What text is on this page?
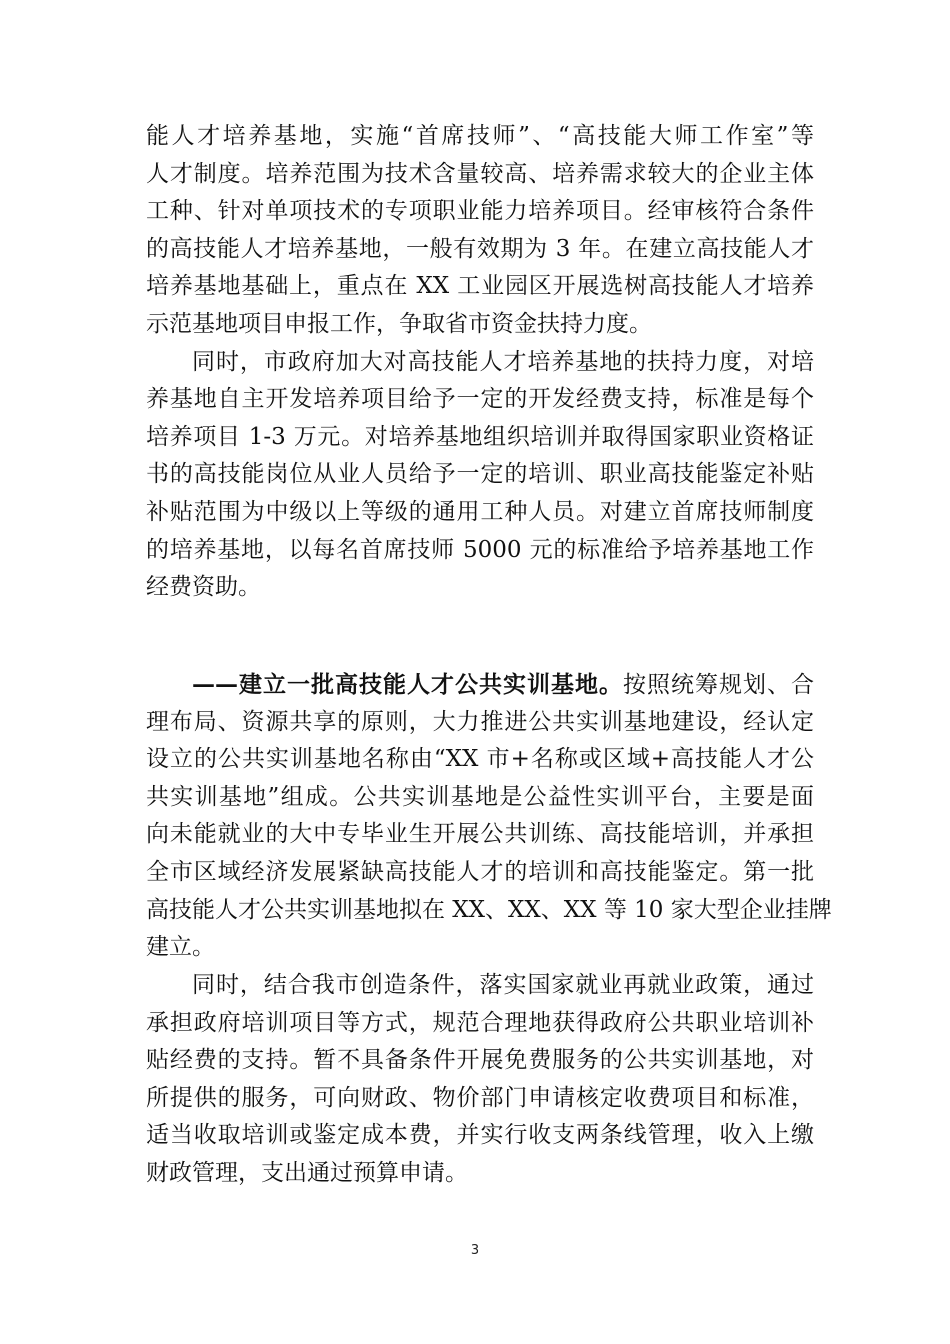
能人才培养基地，实施“首席技师”、“高技能大师工作室”等
人才制度。培养范围为技术含量较高、培养需求较大的企业主体
工种、针对单项技术的专项职业能力培养项目。经审核符合条件
的高技能人才培养基地，一般有效期为 3 年。在建立高技能人才
培养基地基础上，重点在 XX 工业园区开展选树高技能人才培养
示范基地项目申报工作，争取省市资金扶持力度。
同时，市政府加大对高技能人才培养基地的扶持力度，对培
养基地自主开发培养项目给予一定的开发经费支持，标准是每个
培养项目 1-3 万元。对培养基地组织培训并取得国家职业资格证
书的高技能岗位从业人员给予一定的培训、职业高技能鉴定补贴
补贴范围为中级以上等级的通用工种人员。对建立首席技师制度
的培养基地，以每名首席技师 5000 元的标准给予培养基地工作
经费资助。
——建立一批高技能人才公共实训基地。按照统筹规划、合
理布局、资源共享的原则，大力推进公共实训基地建设，经认定
设立的公共实训基地名称由“XX 市+名称或区域+高技能人才公
共实训基地”组成。公共实训基地是公益性实训平台，主要是面
向未能就业的大中专毕业生开展公共训练、高技能培训，并承担
全市区域经济发展紧缺高技能人才的培训和高技能鉴定。第一批
高技能人才公共实训基地拟在 XX、XX、XX 等 10 家大型企业挂牌
建立。
同时，结合我市创造条件，落实国家就业再就业政策，通过
承担政府培训项目等方式，规范合理地获得政府公共职业培训补
贴经费的支持。暂不具备条件开展免费服务的公共实训基地，对
所提供的服务，可向财政、物价部门申请核定收费项目和标准，
适当收取培训或鉴定成本费，并实行收支两条线管理，收入上缴
财政管理，支出通过预算申请。
3
